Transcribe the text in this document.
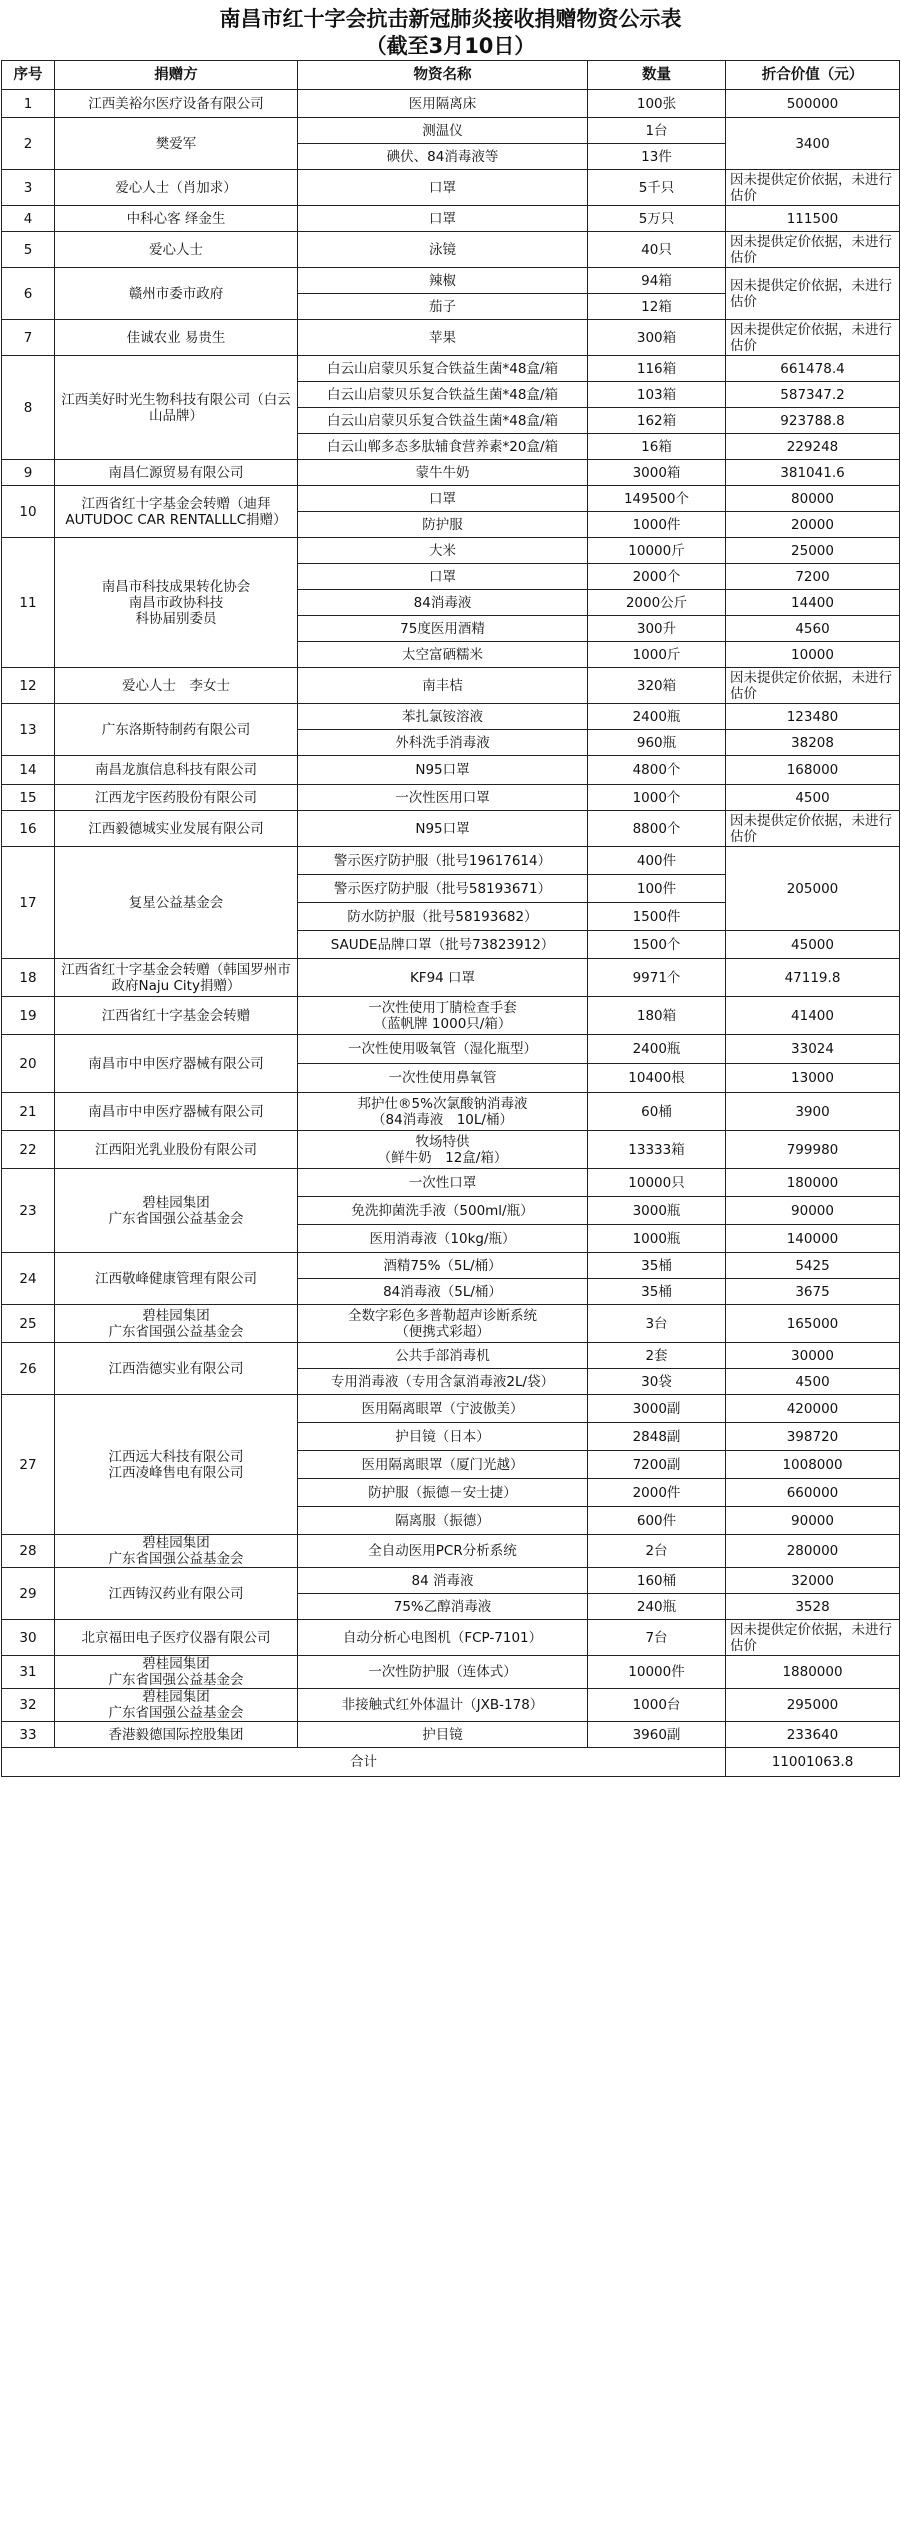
南昌市红十字会抗击新冠肺炎接收捐赠物资公示表
（截至3月10日）
序号	捐赠方	物资名称	数量	折合价值（元）
1	江西美裕尔医疗设备有限公司	医用隔离床	100张	500000
2	樊爱军	测温仪	1台	3400
		碘伏、84消毒液等	13件	
3	爱心人士（肖加求）	口罩	5千只	因未提供定价依据，未进行估价
4	中科心客 绎金生	口罩	5万只	111500
5	爱心人士	泳镜	40只	因未提供定价依据，未进行估价
6	赣州市委市政府	辣椒	94箱	因未提供定价依据，未进行估价
		茄子	12箱	
7	佳诚农业 易贵生	苹果	300箱	因未提供定价依据，未进行估价
8	江西美好时光生物科技有限公司（白云山品牌）	白云山启蒙贝乐复合铁益生菌*48盒/箱	116箱	661478.4
		白云山启蒙贝乐复合铁益生菌*48盒/箱	103箱	587347.2
		白云山启蒙贝乐复合铁益生菌*48盒/箱	162箱	923788.8
		白云山郸多态多肽辅食营养素*20盒/箱	16箱	229248
9	南昌仁源贸易有限公司	蒙牛牛奶	3000箱	381041.6
10	江西省红十字基金会转赠（迪拜AUTUDOC CAR RENTALLLC捐赠）	口罩	149500个	80000
		防护服	1000件	20000
11	南昌市科技成果转化协会
南昌市政协科技
科协届别委员	大米	10000斤	25000
		口罩	2000个	7200
		84消毒液	2000公斤	14400
		75度医用酒精	300升	4560
		太空富硒糯米	1000斤	10000
12	爱心人士　李女士	南丰桔	320箱	因未提供定价依据，未进行估价
13	广东洛斯特制药有限公司	苯扎氯铵溶液	2400瓶	123480
		外科洗手消毒液	960瓶	38208
14	南昌龙旗信息科技有限公司	N95口罩	4800个	168000
15	江西龙宇医药股份有限公司	一次性医用口罩	1000个	4500
16	江西毅德城实业发展有限公司	N95口罩	8800个	因未提供定价依据，未进行估价
17	复星公益基金会	警示医疗防护服（批号19617614）	400件	205000
		警示医疗防护服（批号58193671）	100件	
		防水防护服（批号58193682）	1500件	
		SAUDE品牌口罩（批号73823912）	1500个	45000
18	江西省红十字基金会转赠（韩国罗州市政府Naju City捐赠）	KF94 口罩	9971个	47119.8
19	江西省红十字基金会转赠	一次性使用丁腈检查手套
（蓝帆牌 1000只/箱）	180箱	41400
20	南昌市中申医疗器械有限公司	一次性使用吸氧管（湿化瓶型）	2400瓶	33024
		一次性使用鼻氧管	10400根	13000
21	南昌市中申医疗器械有限公司	邦护仕®5%次氯酸钠消毒液
（84消毒液　10L/桶）	60桶	3900
22	江西阳光乳业股份有限公司	牧场特供
（鲜牛奶　12盒/箱）	13333箱	799980
23	碧桂园集团
广东省国强公益基金会	一次性口罩	10000只	180000
		免洗抑菌洗手液（500ml/瓶）	3000瓶	90000
		医用消毒液（10kg/瓶）	1000瓶	140000
24	江西敬峰健康管理有限公司	酒精75%（5L/桶）	35桶	5425
		84消毒液（5L/桶）	35桶	3675
25	碧桂园集团
广东省国强公益基金会	全数字彩色多普勒超声诊断系统
（便携式彩超）	3台	165000
26	江西浩德实业有限公司	公共手部消毒机	2套	30000
		专用消毒液（专用含氯消毒液2L/袋）	30袋	4500
27	江西远大科技有限公司
江西凌峰售电有限公司	医用隔离眼罩（宁波傲美）	3000副	420000
		护目镜（日本）	2848副	398720
		医用隔离眼罩（厦门光越）	7200副	1008000
		防护服（振德－安士捷）	2000件	660000
		隔离服（振德）	600件	90000
28	碧桂园集团
广东省国强公益基金会	全自动医用PCR分析系统	2台	280000
29	江西铸汉药业有限公司	84 消毒液	160桶	32000
		75%乙醇消毒液	240瓶	3528
30	北京福田电子医疗仪器有限公司	自动分析心电图机（FCP-7101）	7台	因未提供定价依据，未进行估价
31	碧桂园集团
广东省国强公益基金会	一次性防护服（连体式）	10000件	1880000
32	碧桂园集团
广东省国强公益基金会	非接触式红外体温计（JXB-178）	1000台	295000
33	香港毅德国际控股集团	护目镜	3960副	233640
合计				11001063.8
